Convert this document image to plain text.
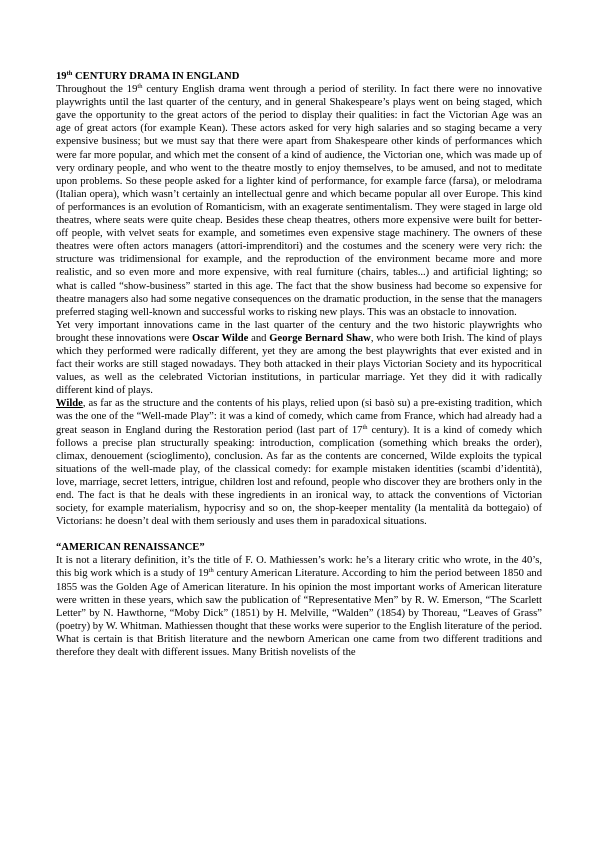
19th CENTURY DRAMA IN ENGLAND

Throughout the 19th century English drama went through a period of sterility. In fact there were no innovative playwrights until the last quarter of the century, and in general Shakespeare’s plays went on being staged, which gave the opportunity to the great actors of the period to display their qualities: in fact the Victorian Age was an age of great actors (for example Kean). These actors asked for very high salaries and so staging became a very expensive business; but we must say that there were apart from Shakespeare other kinds of performances which were far more popular, and which met the consent of a kind of audience, the Victorian one, which was made up of very ordinary people, and who went to the theatre mostly to enjoy themselves, to be amused, and not to meditate upon problems. So these people asked for a lighter kind of performance, for example farce (farsa), or melodrama (Italian opera), which wasn’t certainly an intellectual genre and which became popular all over Europe. This kind of performances is an evolution of Romanticism, with an exagerate sentimentalism. They were staged in large old theatres, where seats were quite cheap. Besides these cheap theatres, others more expensive were built for better-off people, with velvet seats for example, and sometimes even expensive stage machinery. The owners of these theatres were often actors managers (attori-imprenditori) and the costumes and the scenery were very rich: the structure was tridimensional for example, and the reproduction of the environment became more and more realistic, and so even more and more expensive, with real furniture (chairs, tables...) and artificial lighting; so what is called “show-business” started in this age. The fact that the show business had become so expensive for theatre managers also had some negative consequences on the dramatic production, in the sense that the managers preferred staging well-known and successful works to risking new plays. This was an obstacle to innovation.

Yet very important innovations came in the last quarter of the century and the two historic playwrights who brought these innovations were Oscar Wilde and George Bernard Shaw, who were both Irish. The kind of plays which they performed were radically different, yet they are among the best playwrights that ever existed and in fact their works are still staged nowadays. They both attacked in their plays Victorian Society and its hypocritical values, as well as the celebrated Victorian institutions, in particular marriage. Yet they did it with radically different kind of plays.

Wilde, as far as the structure and the contents of his plays, relied upon (si basò su) a pre-existing tradition, which was the one of the “Well-made Play”: it was a kind of comedy, which came from France, which had already had a great season in England during the Restoration period (last part of 17th century). It is a kind of comedy which follows a precise plan structurally speaking: introduction, complication (something which breaks the order), climax, denouement (scioglimento), conclusion. As far as the contents are concerned, Wilde exploits the typical situations of the well-made play, of the classical comedy: for example mistaken identities (scambi d’identità), love, marriage, secret letters, intrigue, children lost and refound, people who discover they are brothers only in the end. The fact is that he deals with these ingredients in an ironical way, to attack the conventions of Victorian society, for example materialism, hypocrisy and so on, the shop-keeper mentality (la mentalità da bottegaio) of Victorians: he doesn’t deal with them seriously and uses them in paradoxical situations.

“AMERICAN RENAISSANCE”

It is not a literary definition, it’s the title of F. O. Mathiessen’s work: he’s a literary critic who wrote, in the 40’s, this big work which is a study of 19th century American Literature. According to him the period between 1850 and 1855 was the Golden Age of American literature. In his opinion the most important works of American literature were written in these years, which saw the publication of “Representative Men” by R. W. Emerson, “The Scarlett Letter” by N. Hawthorne, “Moby Dick” (1851) by H. Melville, “Walden” (1854) by Thoreau, “Leaves of Grass” (poetry) by W. Whitman. Mathiessen thought that these works were superior to the English literature of the period. What is certain is that British literature and the newborn American one came from two different traditions and therefore they dealt with different issues. Many British novelists of the
